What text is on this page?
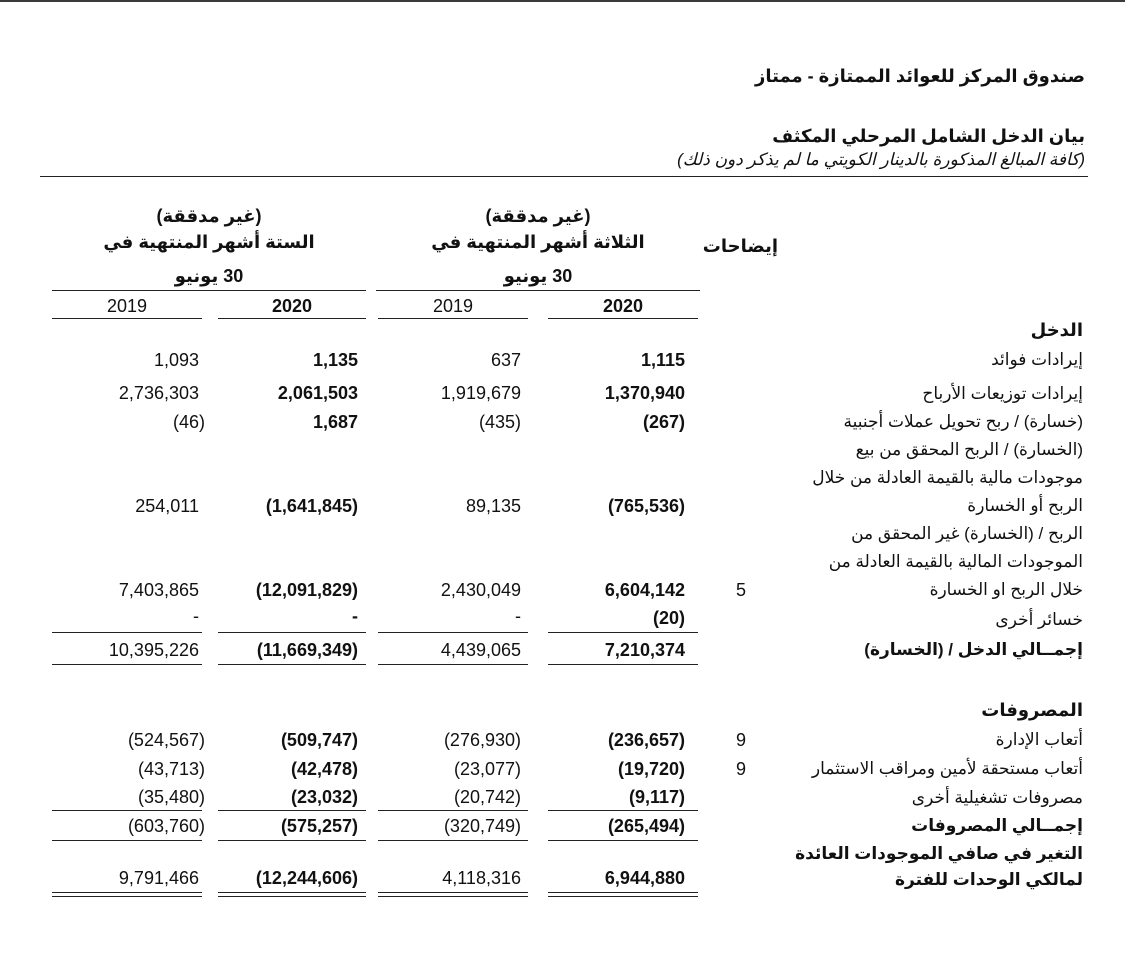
صندوق المركز للعوائد الممتازة - ممتاز
بيان الدخل الشامل المرحلي المكثف
(كافة المبالغ المذكورة بالدينار الكويتي ما لم يذكر دون ذلك)
إيضاحات
(غير مدققة)
الثلاثة أشهر المنتهية في
30 يونيو
(غير مدققة)
الستة أشهر المنتهية في
30 يونيو
2020
2019
2020
2019
الدخل
إيرادات فوائد
1,115
637
1,135
1,093
إيرادات توزيعات الأرباح
1,370,940
1,919,679
2,061,503
2,736,303
(خسارة) / ربح تحويل عملات أجنبية
(267)
(435)
1,687
(46)
(الخسارة) / الربح المحقق من بيع
موجودات مالية بالقيمة العادلة من خلال
الربح أو الخسارة
(765,536)
89,135
(1,641,845)
254,011
الربح / (الخسارة) غير المحقق من
الموجودات المالية بالقيمة العادلة من
خلال الربح او الخسارة
5
6,604,142
2,430,049
(12,091,829)
7,403,865
خسائر أخرى
(20)
-
-
-
إجمــالي الدخل / (الخسارة)
7,210,374
4,439,065
(11,669,349)
10,395,226
المصروفات
أتعاب الإدارة
9
(236,657)
(276,930)
(509,747)
(524,567)
أتعاب مستحقة لأمين ومراقب الاستثمار
9
(19,720)
(23,077)
(42,478)
(43,713)
مصروفات تشغيلية أخرى
(9,117)
(20,742)
(23,032)
(35,480)
إجمــالي المصروفات
(265,494)
(320,749)
(575,257)
(603,760)
التغير في صافي الموجودات العائدة
لمالكي الوحدات للفترة
6,944,880
4,118,316
(12,244,606)
9,791,466
